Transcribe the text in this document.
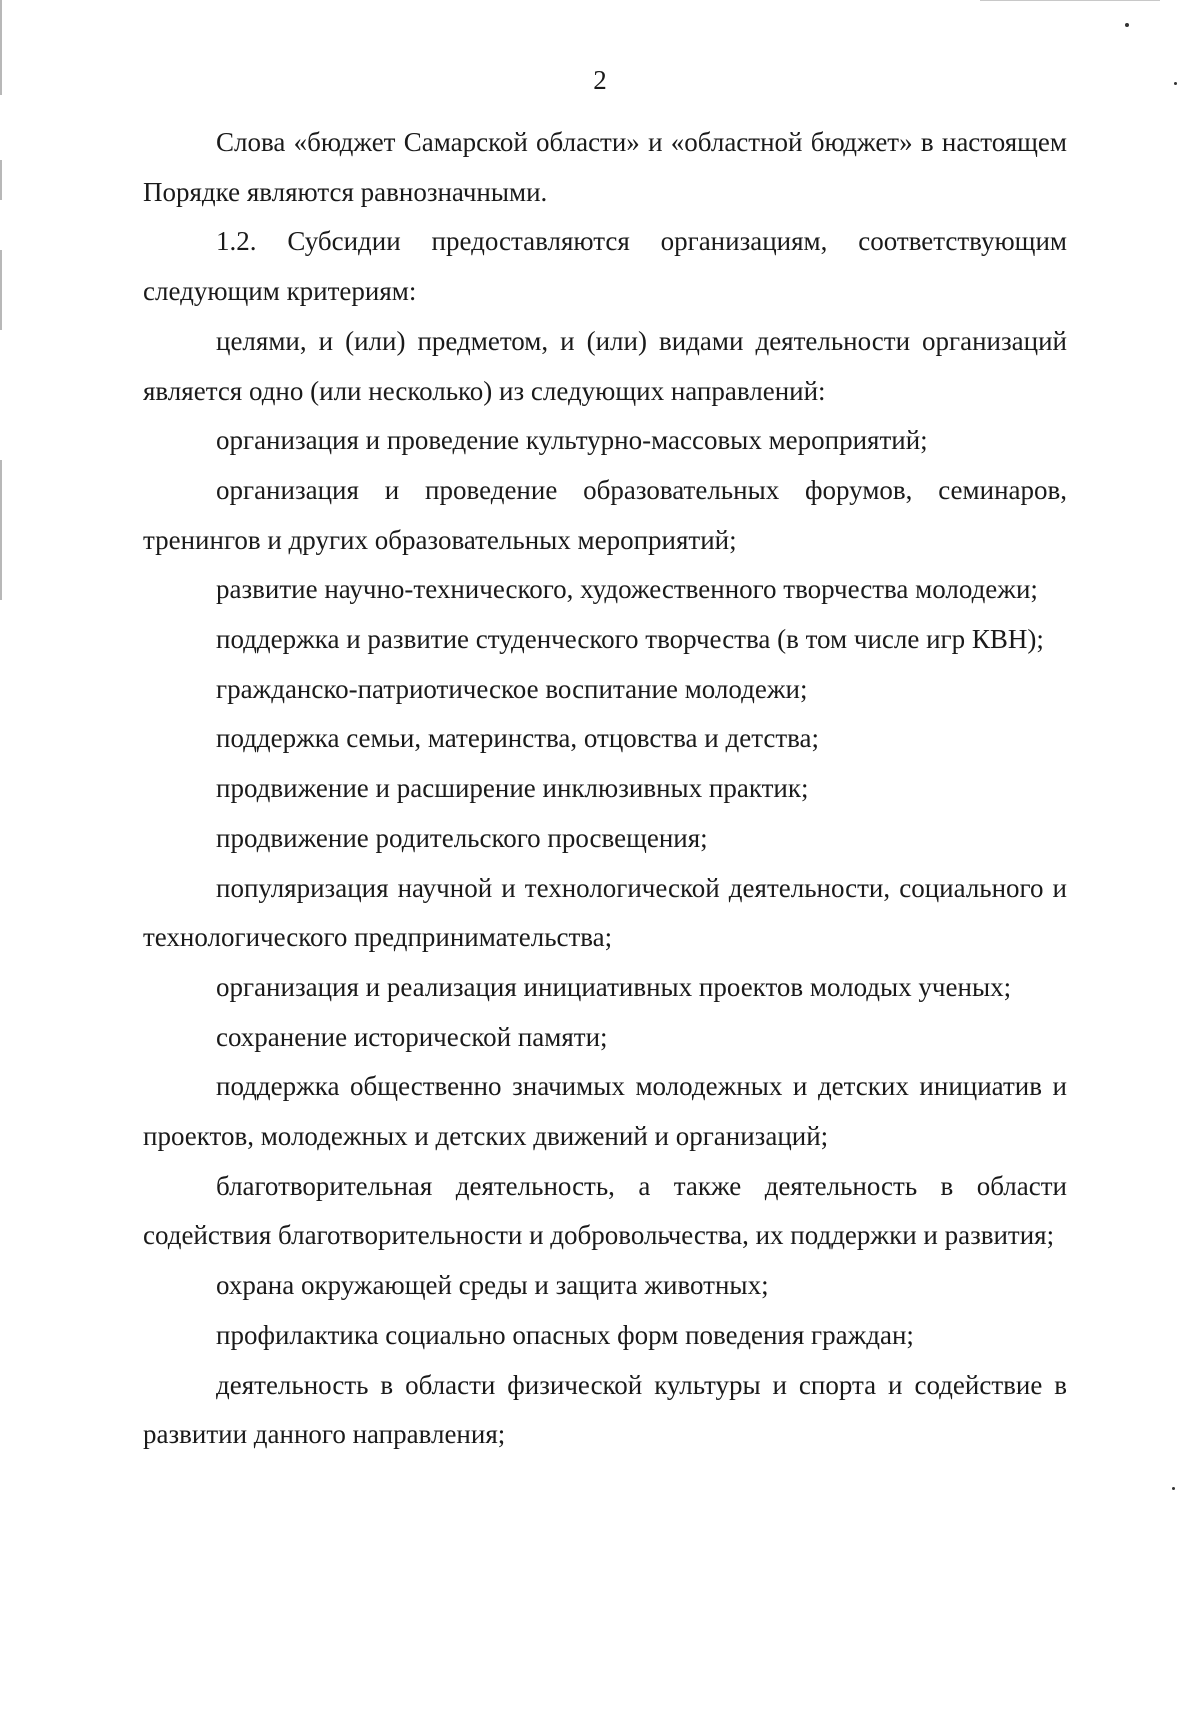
2

Слова «бюджет Самарской области» и «областной бюджет» в настоящем Порядке являются равнозначными.

1.2. Субсидии предоставляются организациям, соответствующим следующим критериям:

целями, и (или) предметом, и (или) видами деятельности организаций является одно (или несколько) из следующих направлений:

организация и проведение культурно-массовых мероприятий;

организация и проведение образовательных форумов, семинаров, тренингов и других образовательных мероприятий;

развитие научно-технического, художественного творчества молодежи;

поддержка и развитие студенческого творчества (в том числе игр КВН);

гражданско-патриотическое воспитание молодежи;

поддержка семьи, материнства, отцовства и детства;

продвижение и расширение инклюзивных практик;

продвижение родительского просвещения;

популяризация научной и технологической деятельности, социального и технологического предпринимательства;

организация и реализация инициативных проектов молодых ученых;

сохранение исторической памяти;

поддержка общественно значимых молодежных и детских инициатив и проектов, молодежных и детских движений и организаций;

благотворительная деятельность, а также деятельность в области содействия благотворительности и добровольчества, их поддержки и развития;

охрана окружающей среды и защита животных;

профилактика социально опасных форм поведения граждан;

деятельность в области физической культуры и спорта и содействие в развитии данного направления;
